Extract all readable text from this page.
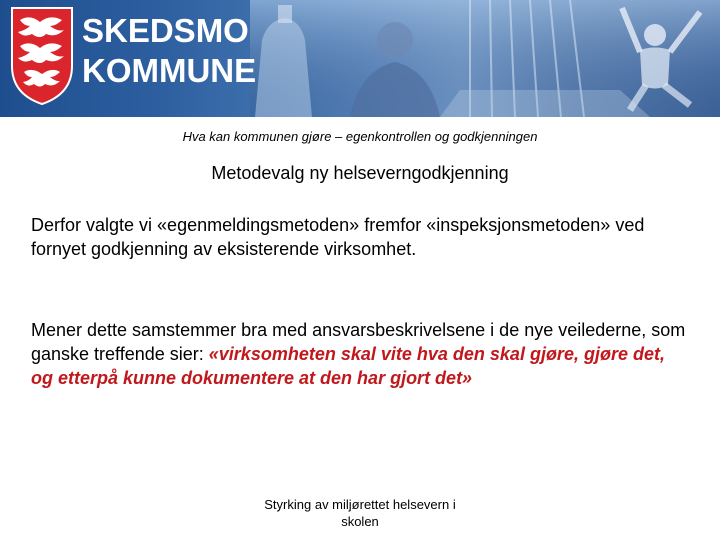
SKEDSMO
KOMMUNE
Hva kan kommunen gjøre – egenkontrollen og godkjenningen
Metodevalg ny helseverngodkjenning
Derfor valgte vi «egenmeldingsmetoden» fremfor «inspeksjonsmetoden» ved fornyet godkjenning av eksisterende virksomhet.
Mener dette samstemmer bra med ansvarsbeskrivelsene i de nye veilederne, som ganske treffende sier: «virksomheten skal vite hva den skal gjøre, gjøre det, og etterpå kunne dokumentere at den har gjort det»
Styrking av miljørettet helsevern i skolen
